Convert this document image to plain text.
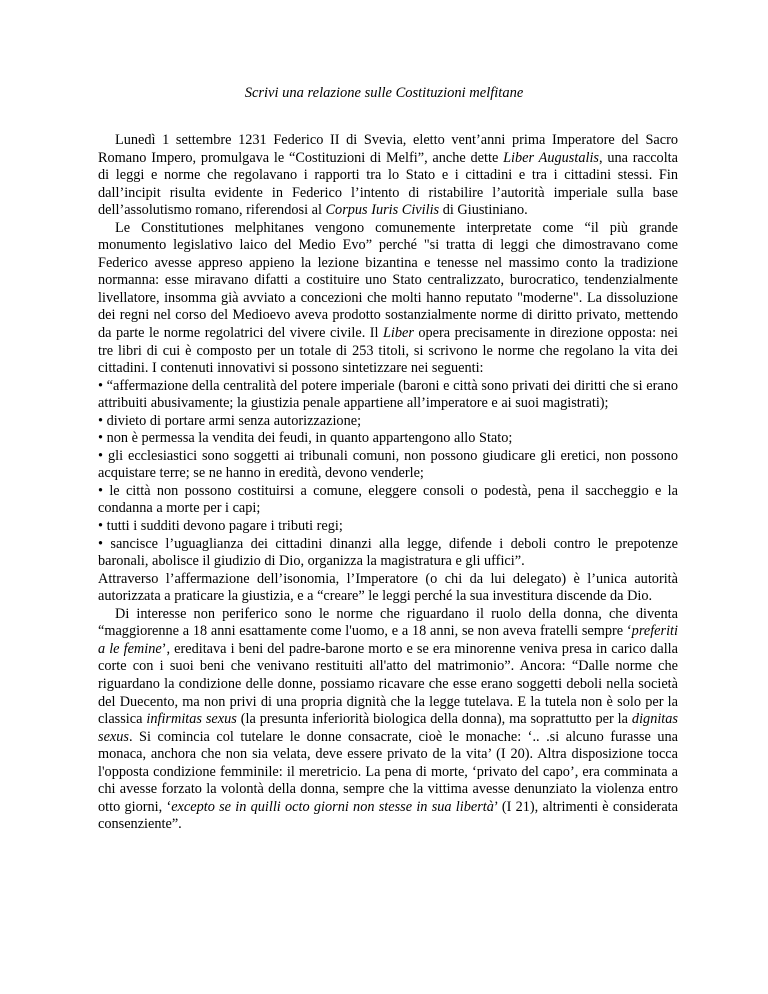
Scrivi una relazione sulle Costituzioni melfitane

Lunedì 1 settembre 1231 Federico II di Svevia, eletto vent’anni prima Imperatore del Sacro Romano Impero, promulgava le “Costituzioni di Melfi”, anche dette Liber Augustalis, una raccolta di leggi e norme che regolavano i rapporti tra lo Stato e i cittadini e tra i cittadini stessi. Fin dall’incipit risulta evidente in Federico l’intento di ristabilire l’autorità imperiale sulla base dell’assolutismo romano, riferendosi al Corpus Iuris Civilis di Giustiniano.

Le Constitutiones melphitanes vengono comunemente interpretate come “il più grande monumento legislativo laico del Medio Evo” perché "si tratta di leggi che dimostravano come Federico avesse appreso appieno la lezione bizantina e tenesse nel massimo conto la tradizione normanna: esse miravano difatti a costituire uno Stato centralizzato, burocratico, tendenzialmente livellatore, insomma già avviato a concezioni che molti hanno reputato "moderne". La dissoluzione dei regni nel corso del Medioevo aveva prodotto sostanzialmente norme di diritto privato, mettendo da parte le norme regolatrici del vivere civile. Il Liber opera precisamente in direzione opposta: nei tre libri di cui è composto per un totale di 253 titoli, si scrivono le norme che regolano la vita dei cittadini. I contenuti innovativi si possono sintetizzare nei seguenti:

• “affermazione della centralità del potere imperiale (baroni e città sono privati dei diritti che si erano attribuiti abusivamente; la giustizia penale appartiene all’imperatore e ai suoi magistrati);
• divieto di portare armi senza autorizzazione;
• non è permessa la vendita dei feudi, in quanto appartengono allo Stato;
• gli ecclesiastici sono soggetti ai tribunali comuni, non possono giudicare gli eretici, non possono acquistare terre; se ne hanno in eredità, devono venderle;
• le città non possono costituirsi a comune, eleggere consoli o podestà, pena il saccheggio e la condanna a morte per i capi;
• tutti i sudditi devono pagare i tributi regi;
• sancisce l’uguaglianza dei cittadini dinanzi alla legge, difende i deboli contro le prepotenze baronali, abolisce il giudizio di Dio, organizza la magistratura e gli uffici”.

Attraverso l’affermazione dell’isonomia, l’Imperatore (o chi da lui delegato) è l’unica autorità autorizzata a praticare la giustizia, e a “creare” le leggi perché la sua investitura discende da Dio.

Di interesse non periferico sono le norme che riguardano il ruolo della donna, che diventa “maggiorenne a 18 anni esattamente come l'uomo, e a 18 anni, se non aveva fratelli sempre ‘preferiti a le femine’, ereditava i beni del padre-barone morto e se era minorenne veniva presa in carico dalla corte con i suoi beni che venivano restituiti all'atto del matrimonio”. Ancora: “Dalle norme che riguardano la condizione delle donne, possiamo ricavare che esse erano soggetti deboli nella società del Duecento, ma non privi di una propria dignità che la legge tutelava. E la tutela non è solo per la classica infirmitas sexus (la presunta inferiorità biologica della donna), ma soprattutto per la dignitas sexus. Si comincia col tutelare le donne consacrate, cioè le monache: ‘.. .si alcuno furasse una monaca, anchora che non sia velata, deve essere privato de la vita’ (I 20). Altra disposizione tocca l'opposta condizione femminile: il meretricio. La pena di morte, ‘privato del capo’, era comminata a chi avesse forzato la volontà della donna, sempre che la vittima avesse denunziato la violenza entro otto giorni, ‘excepto se in quilli octo giorni non stesse in sua libertà’ (I 21), altrimenti è considerata consenziente”.
